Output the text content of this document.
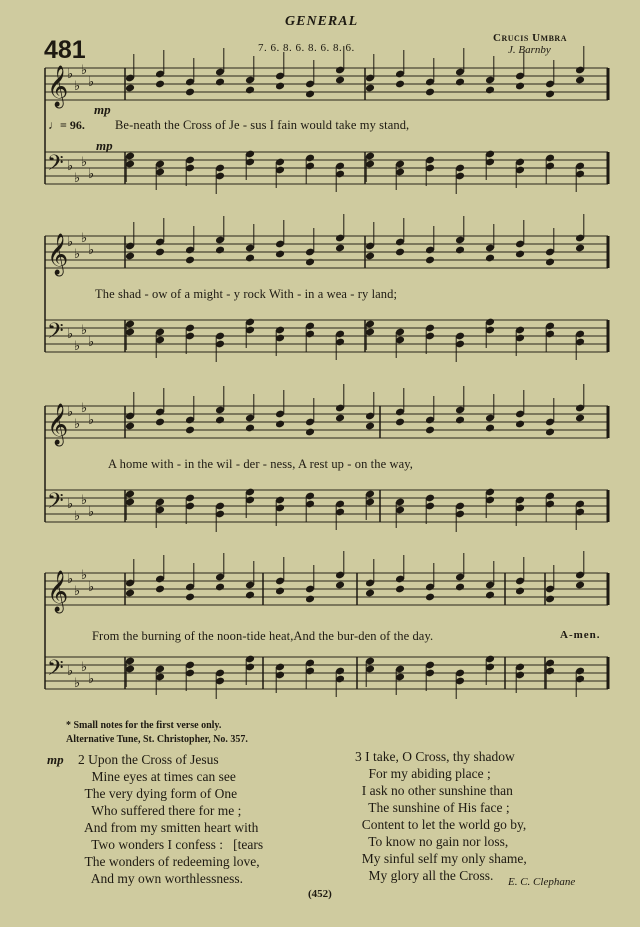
GENERAL
481	7. 6. 8. 6. 8. 6. 8. 6.
Crucis Umbra
J. Barnby
mp
♩= 96.
mp
𝄞
♭
♭
♭
♭
𝄢 ♭
♭
♭
♭
𝄞
♭
♭
♭
♭
𝄢 ♭
♭
♭
♭
𝄞
♭
♭
♭
♭
𝄢 ♭
♭
♭
♭
𝄞
♭
♭
♭
♭
𝄢 ♭
♭
♭
♭
Be-neath the Cross of Je - sus I fain would take my stand,
The shad - ow of a might - y rock With - in a wea - ry land;
A home with - in the wil - der - ness, A rest up - on the way,
From the burning of the noon-tide heat,And the bur-den of the day.	A-men.
* Small notes for the first verse only.
Alternative Tune, St. Christopher, No. 357.
mp 2 Upon the Cross of Jesus
Mine eyes at times can see
The very dying form of One
Who suffered there for me ;
And from my smitten heart with
Two wonders I confess :   [tears
The wonders of redeeming love,
And my own worthlessness.
3 I take, O Cross, thy shadow
For my abiding place ;
I ask no other sunshine than
The sunshine of His face ;
Content to let the world go by,
To know no gain nor loss,
My sinful self my only shame,
My glory all the Cross.	E. C. Clephane
(452)
